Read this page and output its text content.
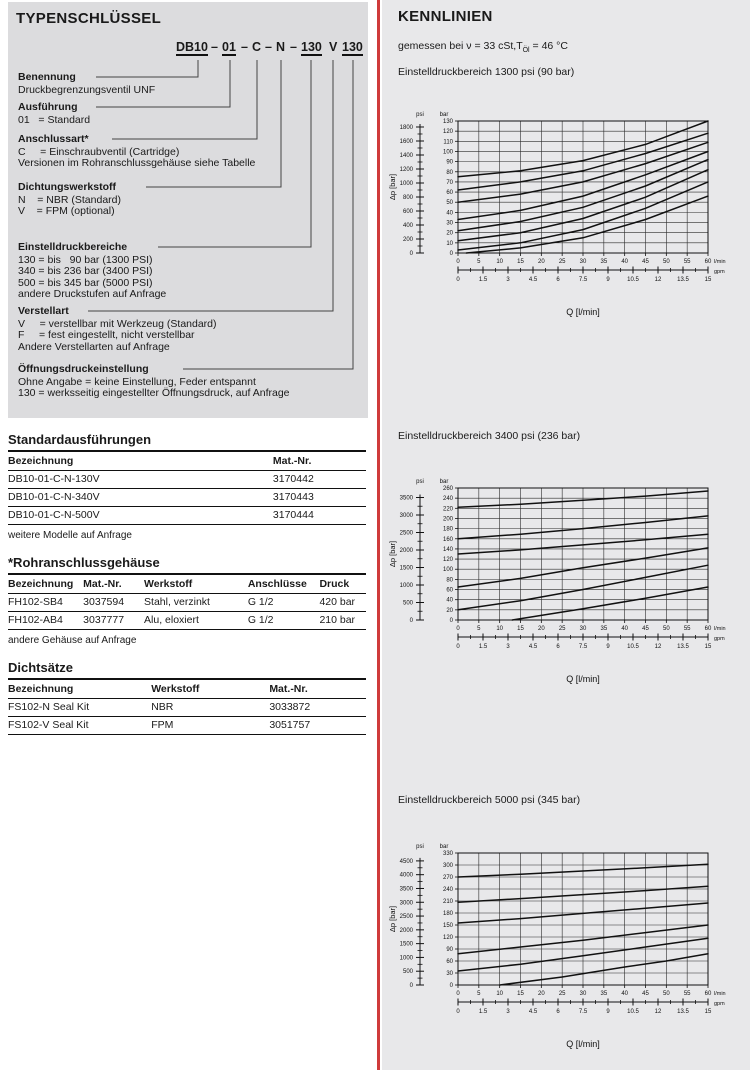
TYPENSCHLÜSSEL
DB10 – 01 – C – N – 130 V 130
Benennung
Druckbegrenzungsventil UNF
Ausführung
01   = Standard
Anschlussart*
C     = Einschraubventil (Cartridge)
Versionen im Rohranschlussgehäuse siehe Tabelle
Dichtungswerkstoff
N    = NBR (Standard)
V    = FPM (optional)
Einstelldruckbereiche
130 = bis   90 bar (1300 PSI)
340 = bis 236 bar (3400 PSI)
500 = bis 345 bar (5000 PSI)
andere Druckstufen auf Anfrage
Verstellart
V     = verstellbar mit Werkzeug (Standard)
F     = fest eingestellt, nicht verstellbar
Andere Verstellarten auf Anfrage
Öffnungsdruckeinstellung
Ohne Angabe = keine Einstellung, Feder entspannt
130 = werksseitig eingestellter Öffnungsdruck, auf Anfrage
Standardausführungen
Bezeichnung	Mat.-Nr.
DB10-01-C-N-130V	3170442
DB10-01-C-N-340V	3170443
DB10-01-C-N-500V	3170444
weitere Modelle auf Anfrage
*Rohranschlussgehäuse
Bezeichnung	Mat.-Nr.	Werkstoff	Anschlüsse	Druck
FH102-SB4	3037594	Stahl, verzinkt	G 1/2	420 bar
FH102-AB4	3037777	Alu, eloxiert	G 1/2	210 bar
andere Gehäuse auf Anfrage
Dichtsätze
Bezeichnung	Werkstoff	Mat.-Nr.
FS102-N Seal Kit	NBR	3033872
FS102-V Seal Kit	FPM	3051757
KENNLINIEN
gemessen bei ν = 33 $cSt,T_{Öl} = 46$ °C
Einstelldruckbereich 1300 psi (90 bar)
0
10
20
30
40
50
60
70
80
90
100
110
120
130
0
200
400
600
800
1000
1200
1400
1600
1800
psi	bar
0	5	10 15 20 25 30 35 40 45 50 55 60 l/min
0	1.5	3	4.5	6	7.5	9	10.5	12	13.5	15
gpm
Δp [bar]
Q [l/min]
Einstelldruckbereich 3400 psi (236 bar)
0
20
40
60
80
100
120
140
160
180
200
220
240
260
0
500
1000
1500
2000
2500
3000
3500
psi	bar
0	5	10 15 20 25 30 35 40 45 50 55 60 l/min
0	1.5	3	4.5	6	7.5	9	10.5	12	13.5	15
gpm
Δp [bar]
Q [l/min]
Einstelldruckbereich 5000 psi (345 bar)
0
30
60
90
120
150
180
210
240
270
300
330
0
500
1000
1500
2000
2500
3000
3500
4000
4500
psi	bar
0	5	10 15 20 25 30 35 40 45 50 55 60 l/min
0	1.5	3	4.5	6	7.5	9	10.5	12	13.5	15
gpm
Δp [bar]
Q [l/min]
